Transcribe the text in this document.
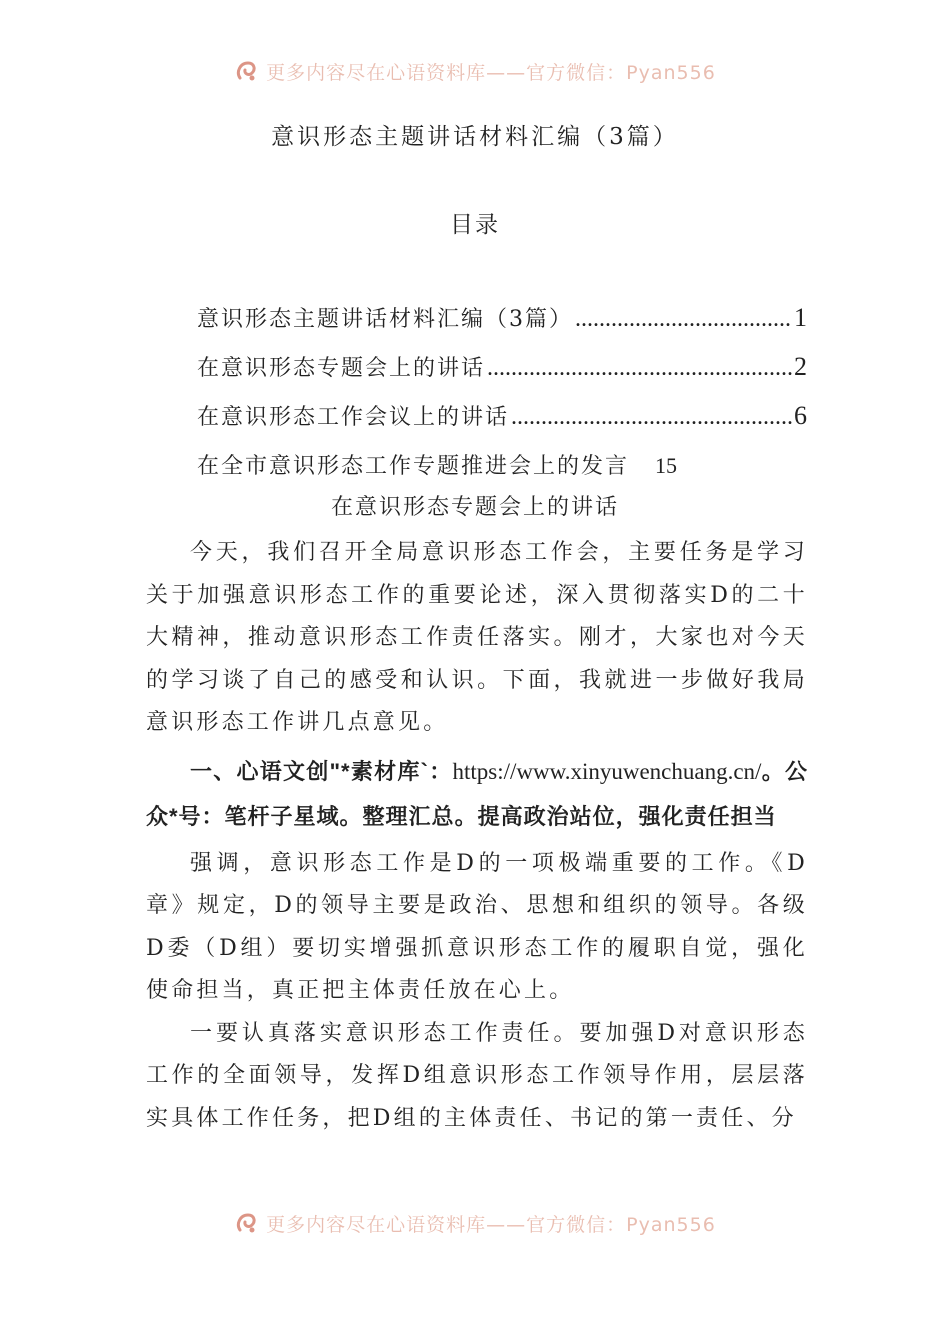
更多内容尽在心语资料库——官方微信：Pyan556
意识形态主题讲话材料汇编（3篇）
目录
意识形态主题讲话材料汇编（3篇） .....	1
在意识形态专题会上的讲话 .....	2
在意识形态工作会议上的讲话 .....	6
在全市意识形态工作专题推进会上的发言 15
在意识形态专题会上的讲话

今天，我们召开全局意识形态工作会，主要任务是学习关于加强意识形态工作的重要论述，深入贯彻落实D的二十大精神，推动意识形态工作责任落实。刚才，大家也对今天的学习谈了自己的感受和认识。下面，我就进一步做好我局意识形态工作讲几点意见。

一、心语文创"*素材库`：https://www.xinyuwenchuang.cn/。公众*号：笔杆子星域。整理汇总。提高政治站位，强化责任担当

强调，意识形态工作是D的一项极端重要的工作。《D章》规定，D的领导主要是政治、思想和组织的领导。各级D委（D组）要切实增强抓意识形态工作的履职自觉，强化使命担当，真正把主体责任放在心上。

一要认真落实意识形态工作责任。要加强D对意识形态工作的全面领导，发挥D组意识形态工作领导作用，层层落实具体工作任务，把D组的主体责任、书记的第一责任、分

更多内容尽在心语资料库——官方微信：Pyan556
